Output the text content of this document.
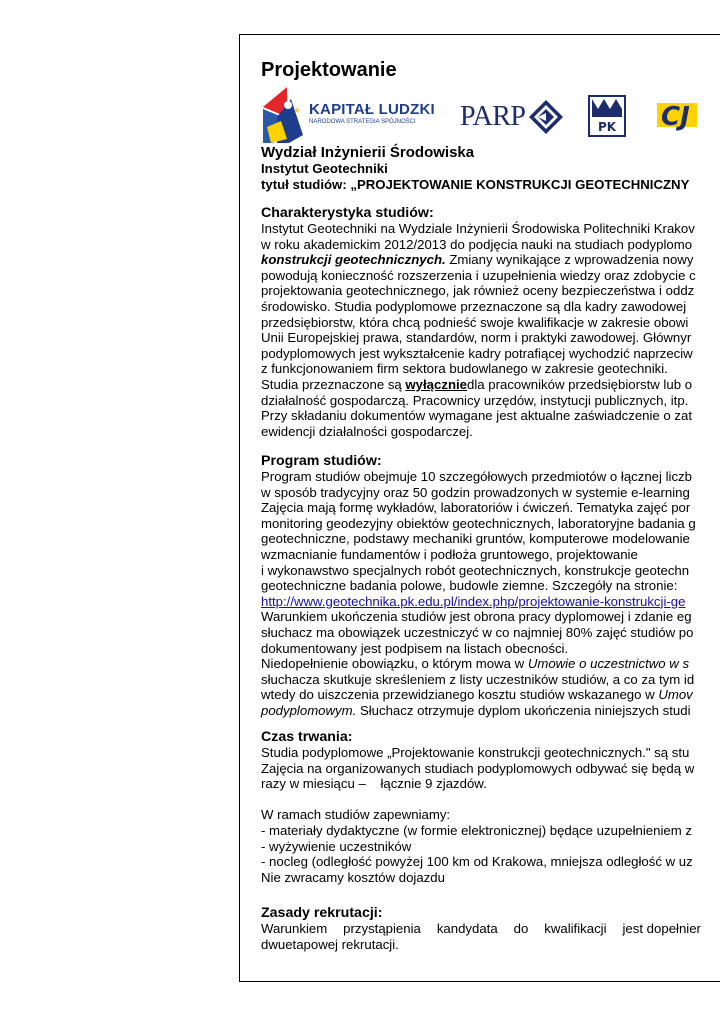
Projektowanie
★ KAPITAŁ LUDZKI
NARODOWA STRATEGIA SPÓJNOŚCI	PARP	PK CJ
Wydział Inżynierii Środowiska
Instytut Geotechniki
tytuł studiów: „PROJEKTOWANIE KONSTRUKCJI GEOTECHNICZNY
Charakterystyka studiów:
Instytut Geotechniki na Wydziale Inżynierii Środowiska Politechniki Krakov
w roku akademickim 2012/2013 do podjęcia nauki na studiach podyplomo
konstrukcji geotechnicznych. Zmiany wynikające z wprowadzenia nowy
powodują konieczność rozszerzenia i uzupełnienia wiedzy oraz zdobycie c
projektowania geotechnicznego, jak również oceny bezpieczeństwa i oddz
środowisko. Studia podyplomowe przeznaczone są dla kadry zawodowej
przedsiębiorstw, która chcą podnieść swoje kwalifikacje w zakresie obowi
Unii Europejskiej prawa, standardów, norm i praktyki zawodowej. Głównyr
podyplomowych jest wykształcenie kadry potrafiącej wychodzić naprzeciw
z funkcjonowaniem firm sektora budowlanego w zakresie geotechniki.
Studia przeznaczone są wyłączniedla pracowników przedsiębiorstw lub o
działalność gospodarczą. Pracownicy urzędów, instytucji publicznych, itp.
Przy składaniu dokumentów wymagane jest aktualne zaświadczenie o zat
ewidencji działalności gospodarczej.
Program studiów:
Program studiów obejmuje 10 szczegółowych przedmiotów o łącznej liczb
w sposób tradycyjny oraz 50 godzin prowadzonych w systemie e-learning
Zajęcia mają formę wykładów, laboratoriów i ćwiczeń. Tematyka zajęć por
monitoring geodezyjny obiektów geotechnicznych, laboratoryjne badania g
geotechniczne, podstawy mechaniki gruntów, komputerowe modelowanie
wzmacnianie fundamentów i podłoża gruntowego, projektowanie
i wykonawstwo specjalnych robót geotechnicznych, konstrukcje geotechn
geotechniczne badania polowe, budowle ziemne. Szczegóły na stronie:
http://www.geotechnika.pk.edu.pl/index.php/projektowanie-konstrukcji-ge
Warunkiem ukończenia studiów jest obrona pracy dyplomowej i zdanie eg
słuchacz ma obowiązek uczestniczyć w co najmniej 80% zajęć studiów po
dokumentowany jest podpisem na listach obecności.
Niedopełnienie obowiązku, o którym mowa w Umowie o uczestnictwo w s
słuchacza skutkuje skreśleniem z listy uczestników studiów, a co za tym id
wtedy do uiszczenia przewidzianego kosztu studiów wskazanego w Umov
podyplomowym. Słuchacz otrzymuje dyplom ukończenia niniejszych studi
Czas trwania:
Studia podyplomowe „Projektowanie konstrukcji geotechnicznych." są stu
Zajęcia na organizowanych studiach podyplomowych odbywać się będą w
razy w miesiącu –    łącznie 9 zjazdów.
W ramach studiów zapewniamy:
- materiały dydaktyczne (w formie elektronicznej) będące uzupełnieniem z
- wyżywienie uczestników
- nocleg (odległość powyżej 100 km od Krakowa, mniejsza odległość w uz
Nie zwracamy kosztów dojazdu
Zasady rekrutacji:
Warunkiem przystąpienia kandydata do kwalifikacji jest dopełnier
dwuetapowej rekrutacji.
